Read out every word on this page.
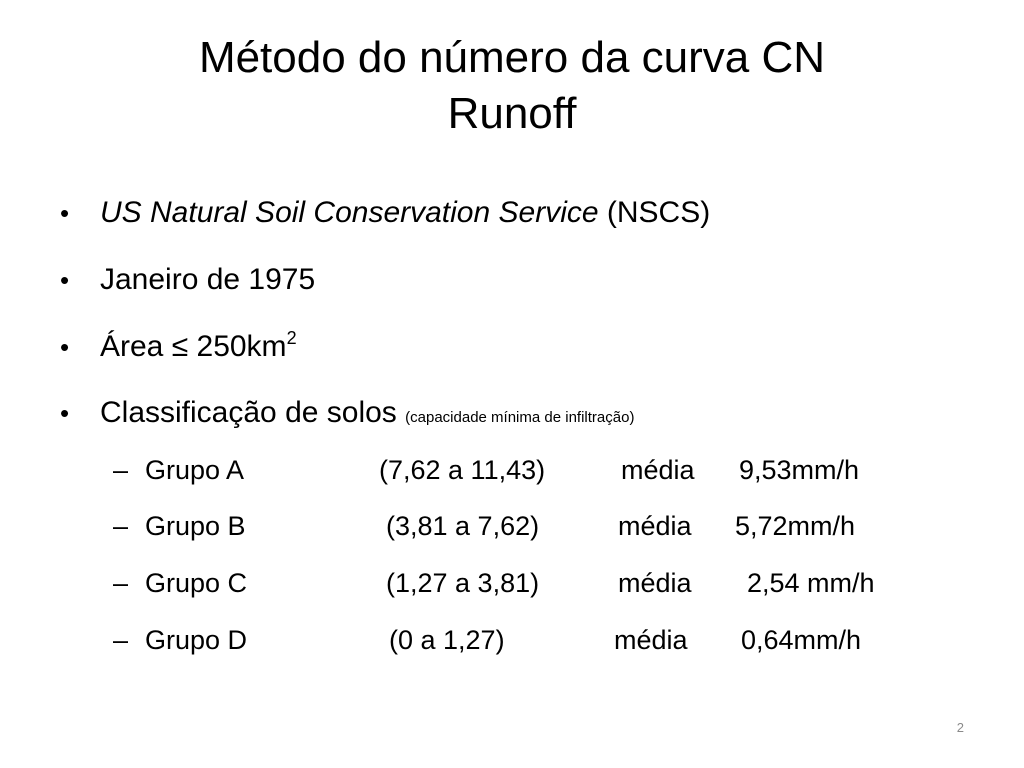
Método do número da curva CN
Runoff
• US Natural Soil Conservation Service (NSCS)
• Janeiro de 1975
• Área ≤ $250km^2$
• Classificação de solos (capacidade mínima de infiltração)
– Grupo A	(7,62 a 11,43)	média 9,53mm/h
– Grupo B	(3,81 a 7,62)	média 5,72mm/h
– Grupo C	(1,27 a 3,81)	média 2,54 mm/h
– Grupo D	(0 a 1,27)	média 0,64mm/h
2
